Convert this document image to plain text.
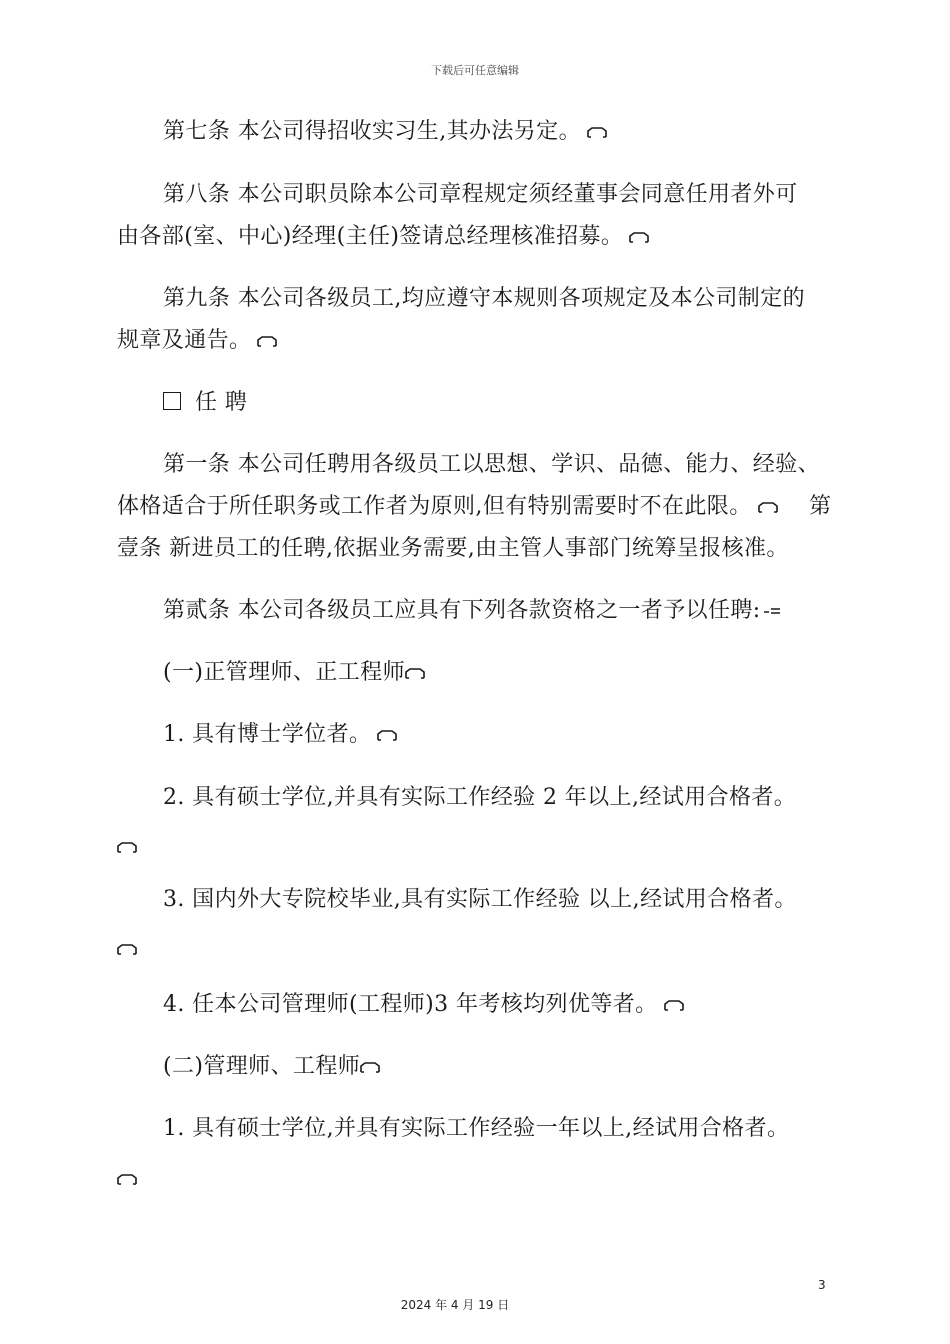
下载后可任意编辑
第七条 本公司得招收实习生,其办法另定。
第八条 本公司职员除本公司章程规定须经董事会同意任用者外可
由各部(室、中心)经理(主任)签请总经理核准招募。
第九条 本公司各级员工,均应遵守本规则各项规定及本公司制定的
规章及通告。
任 聘
第一条 本公司任聘用各级员工以思想、学识、品德、能力、经验、
体格适合于所任职务或工作者为原则,但有特别需要时不在此限。	第
壹条 新进员工的任聘,依据业务需要,由主管人事部门统筹呈报核准。
第贰条 本公司各级员工应具有下列各款资格之一者予以任聘:
(一)正管理师、正工程师
1. 具有博士学位者。
2. 具有硕士学位,并具有实际工作经验 2 年以上,经试用合格者。
3. 国内外大专院校毕业,具有实际工作经验 以上,经试用合格者。
4. 任本公司管理师(工程师)3 年考核均列优等者。
(二)管理师、工程师
1. 具有硕士学位,并具有实际工作经验一年以上,经试用合格者。
3
2024 年 4 月 19 日
